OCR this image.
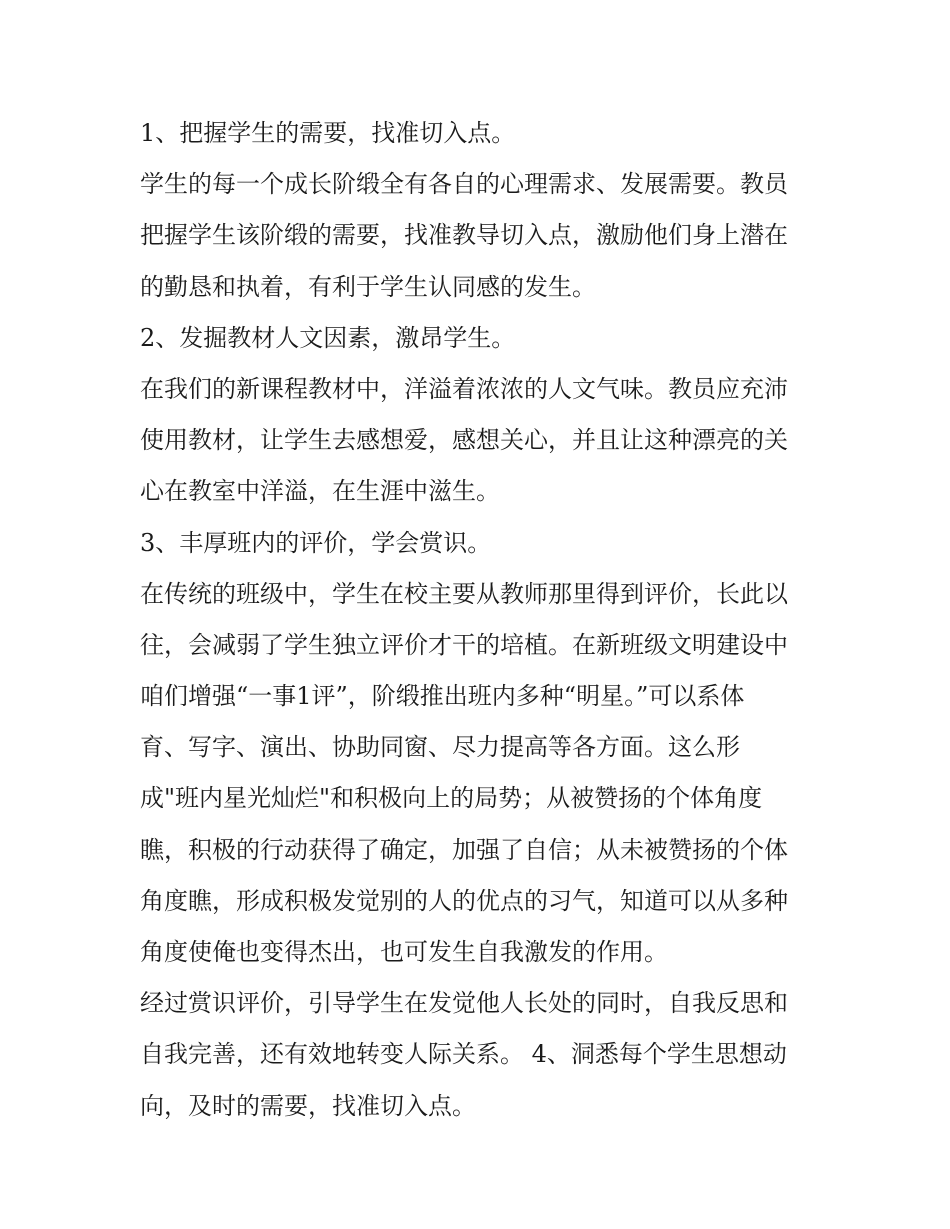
1、把握学生的需要，找准切入点。
学生的每一个成长阶缎全有各自的心理需求、发展需要。教员
把握学生该阶缎的需要，找准教导切入点，激励他们身上潜在
的勤恳和执着，有利于学生认同感的发生。
2、发掘教材人文因素，激昂学生。
在我们的新课程教材中，洋溢着浓浓的人文气味。教员应充沛
使用教材，让学生去感想爱，感想关心，并且让这种漂亮的关
心在教室中洋溢，在生涯中滋生。
3、丰厚班内的评价，学会赏识。
在传统的班级中，学生在校主要从教师那里得到评价，长此以
往，会减弱了学生独立评价才干的培植。在新班级文明建设中
咱们增强“一事1评”，阶缎推出班内多种“明星。”可以系体
育、写字、演出、协助同窗、尽力提高等各方面。这么形
成"班内星光灿烂"和积极向上的局势；从被赞扬的个体角度
瞧，积极的行动获得了确定，加强了自信；从未被赞扬的个体
角度瞧，形成积极发觉别的人的优点的习气，知道可以从多种
角度使俺也变得杰出，也可发生自我激发的作用。
经过赏识评价，引导学生在发觉他人长处的同时，自我反思和
自我完善，还有效地转变人际关系。 4、洞悉每个学生思想动
向，及时的需要，找准切入点。
